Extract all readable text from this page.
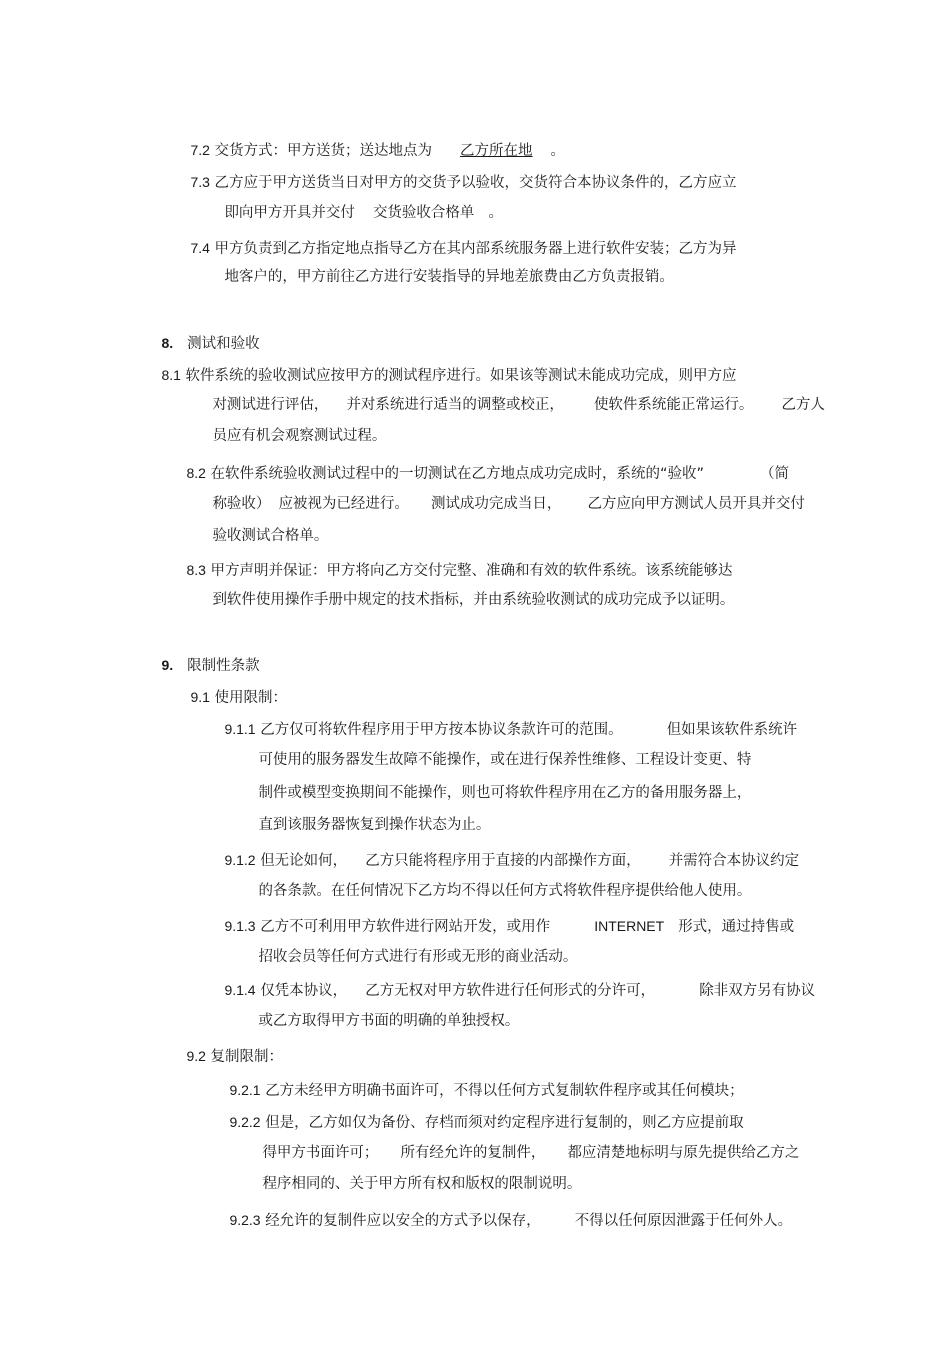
7.2 交货方式：甲方送货；送达地点为 乙方所在地 。

7.3 乙方应于甲方送货当日对甲方的交货予以验收，交货符合本协议条件的，乙方应立

即向甲方开具并交付 交货验收合格单 。

7.4 甲方负责到乙方指定地点指导乙方在其内部系统服务器上进行软件安装；乙方为异

地客户的，甲方前往乙方进行安装指导的异地差旅费由乙方负责报销。

8. 测试和验收

8.1 软件系统的验收测试应按甲方的测试程序进行。如果该等测试未能成功完成，则甲方应

对测试进行评估， 并对系统进行适当的调整或校正， 使软件系统能正常运行。 乙方人

员应有机会观察测试过程。

8.2 在软件系统验收测试过程中的一切测试在乙方地点成功完成时，系统的“验收”	（简

称验收） 应被视为已经进行。 测试成功完成当日， 乙方应向甲方测试人员开具并交付

验收测试合格单。

8.3 甲方声明并保证：甲方将向乙方交付完整、准确和有效的软件系统。该系统能够达

到软件使用操作手册中规定的技术指标，并由系统验收测试的成功完成予以证明。

9. 限制性条款

9.1 使用限制：

9.1.1 乙方仅可将软件程序用于甲方按本协议条款许可的范围。	但如果该软件系统许

可使用的服务器发生故障不能操作，或在进行保养性维修、工程设计变更、特

制件或模型变换期间不能操作，则也可将软件程序用在乙方的备用服务器上，

直到该服务器恢复到操作状态为止。

9.1.2 但无论如何， 乙方只能将程序用于直接的内部操作方面， 并需符合本协议约定

的各条款。在任何情况下乙方均不得以任何方式将软件程序提供给他人使用。

9.1.3 乙方不可利用甲方软件进行网站开发，或用作	INTERNET 形式，通过持售或

招收会员等任何方式进行有形或无形的商业活动。

9.1.4 仅凭本协议， 乙方无权对甲方软件进行任何形式的分许可，	除非双方另有协议

或乙方取得甲方书面的明确的单独授权。

9.2 复制限制：

9.2.1 乙方未经甲方明确书面许可，不得以任何方式复制软件程序或其任何模块；

9.2.2 但是，乙方如仅为备份、存档而须对约定程序进行复制的，则乙方应提前取

得甲方书面许可； 所有经允许的复制件， 都应清楚地标明与原先提供给乙方之

程序相同的、关于甲方所有权和版权的限制说明。

9.2.3 经允许的复制件应以安全的方式予以保存， 不得以任何原因泄露于任何外人。
